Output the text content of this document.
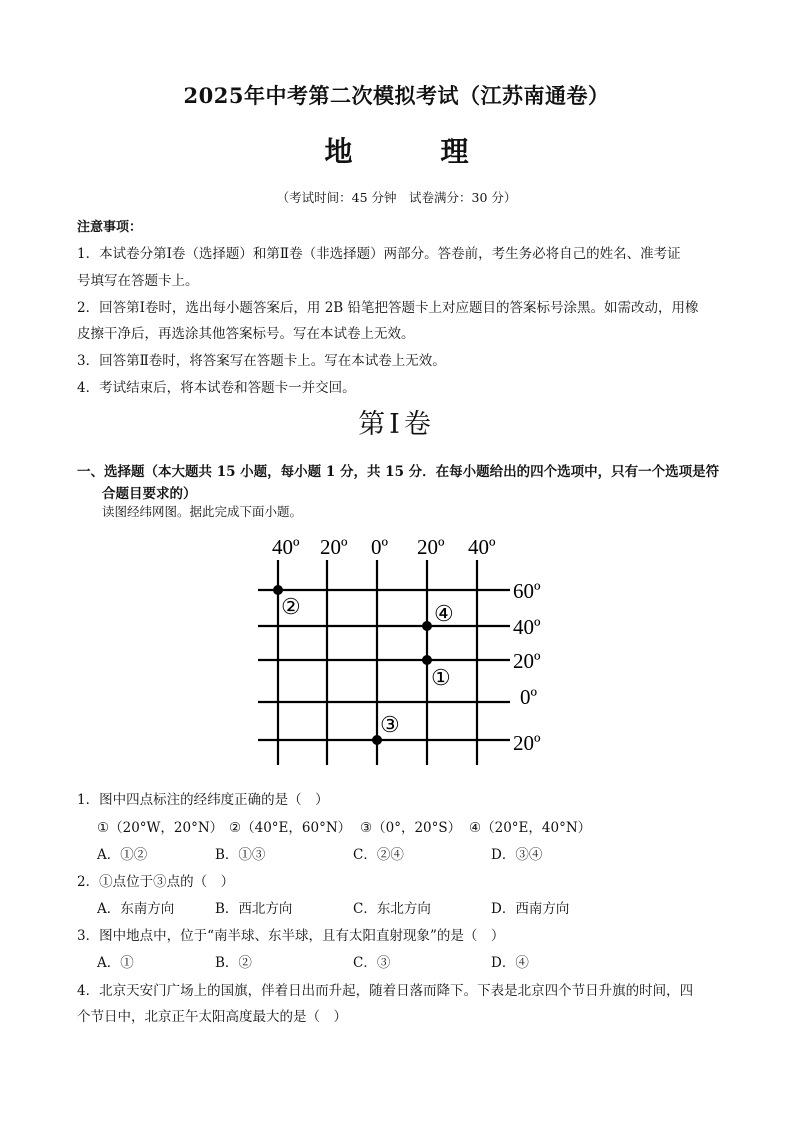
2025年中考第二次模拟考试（江苏南通卷）
地　理
（考试时间：45 分钟　试卷满分：30 分）
注意事项：
1．本试卷分第Ⅰ卷（选择题）和第Ⅱ卷（非选择题）两部分。答卷前，考生务必将自己的姓名、准考证
号填写在答题卡上。
2．回答第Ⅰ卷时，选出每小题答案后，用 2B 铅笔把答题卡上对应题目的答案标号涂黑。如需改动，用橡
皮擦干净后，再选涂其他答案标号。写在本试卷上无效。
3．回答第Ⅱ卷时，将答案写在答题卡上。写在本试卷上无效。
4．考试结束后，将本试卷和答题卡一并交回。
第Ⅰ卷
一、选择题（本大题共 15 小题，每小题 1 分，共 15 分．在每小题给出的四个选项中，只有一个选项是符
合题目要求的）
读图经纬网图。据此完成下面小题。
40º 20º 0º 20º 40º
60º
40º
20º
0º
20º
②	④
①
③
1．图中四点标注的经纬度正确的是（　）
①（20°W，20°N） ②（40°E，60°N） ③（0°，20°S） ④（20°E，40°N）
A．①②	B．①③	C．②④	D．③④
2．①点位于③点的（　）
A．东南方向	B．西北方向	C．东北方向	D．西南方向
3．图中地点中，位于“南半球、东半球，且有太阳直射现象”的是（　）
A．①	B．②	C．③	D．④
4．北京天安门广场上的国旗，伴着日出而升起，随着日落而降下。下表是北京四个节日升旗的时间，四
个节日中，北京正午太阳高度最大的是（　）
